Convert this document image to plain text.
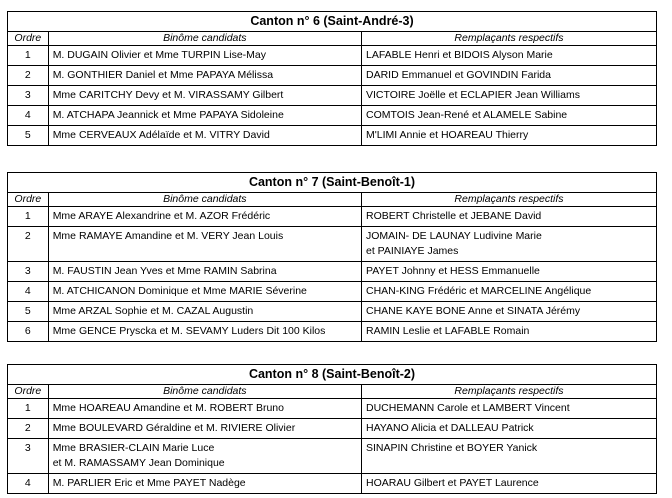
Canton n° 6 (Saint-André-3)		
Ordre	Binôme candidats	Remplaçants respectifs
1	M. DUGAIN Olivier et Mme TURPIN Lise-May	LAFABLE Henri et BIDOIS Alyson Marie
2	M. GONTHIER Daniel et Mme PAPAYA Mélissa	DARID Emmanuel et GOVINDIN Farida
3	Mme CARITCHY Devy et M. VIRASSAMY Gilbert	VICTOIRE Joëlle et ECLAPIER Jean Williams
4	M. ATCHAPA Jeannick et Mme PAPAYA Sidoleine	COMTOIS Jean-René et ALAMELE Sabine
5	Mme CERVEAUX Adélaïde et M. VITRY David	M'LIMI Annie et HOAREAU Thierry
Canton n° 7 (Saint-Benoît-1)		
Ordre	Binôme candidats	Remplaçants respectifs
1	Mme ARAYE Alexandrine et M. AZOR Frédéric	ROBERT Christelle et JEBANE David
2	Mme RAMAYE Amandine et M. VERY Jean Louis	JOMAIN- DE LAUNAY Ludivine Marie
et PAINIAYE James

3	M. FAUSTIN Jean Yves et Mme RAMIN Sabrina	PAYET Johnny et HESS Emmanuelle
4	M. ATCHICANON Dominique et Mme MARIE Séverine	CHAN-KING Frédéric et MARCELINE Angélique
5	Mme ARZAL Sophie et M. CAZAL Augustin	CHANE KAYE BONE Anne et SINATA Jérémy
6	Mme GENCE Pryscka et M. SEVAMY Luders Dit 100 Kilos	RAMIN Leslie et LAFABLE Romain
Canton n° 8 (Saint-Benoît-2)		
Ordre	Binôme candidats	Remplaçants respectifs
1	Mme HOAREAU Amandine et M. ROBERT Bruno	DUCHEMANN Carole et LAMBERT Vincent
2	Mme BOULEVARD Géraldine et M. RIVIERE Olivier	HAYANO Alicia et DALLEAU Patrick
3	Mme BRASIER-CLAIN Marie Luce
et M. RAMASSAMY Jean Dominique	SINAPIN Christine et BOYER Yanick
4	M. PARLIER Eric et Mme PAYET Nadège	HOARAU Gilbert et PAYET Laurence
